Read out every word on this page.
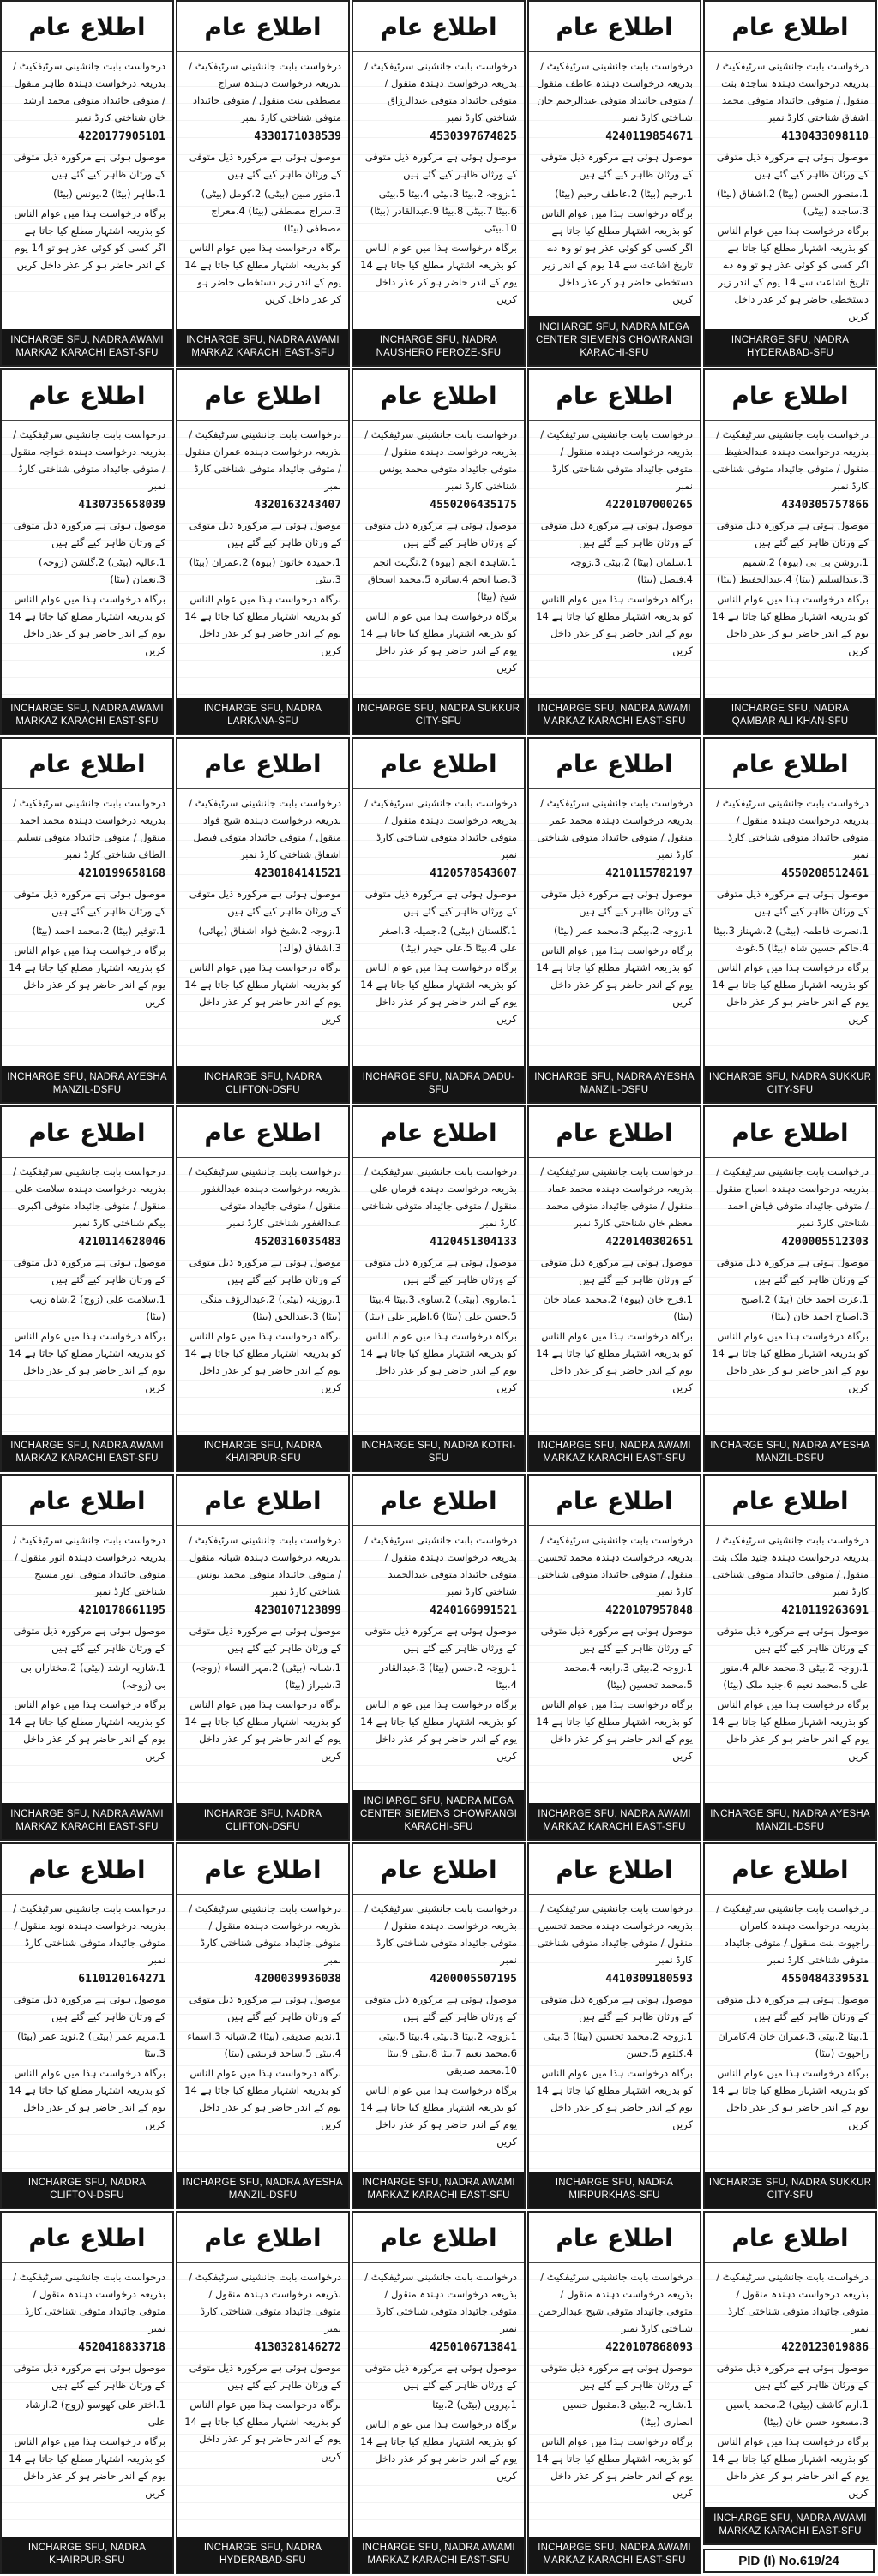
اطلاع عام

درخواست بابت جانشینی سرٹیفکیٹ / بذریعہ درخواست دہندہ ساجدہ بنت منقول / متوفی جائیداد متوفی محمد اشفاق شناختی کارڈ نمبر

4130433098110

موصول ہوئی ہے مرکورہ ذیل متوفی کے ورثان ظاہر کیے گئے ہیں

1.منصور الحسن (بیٹا) 2.اشفاق (بیٹا) 3.ساجدہ (بیٹی)

برگاہ درخواست ہذا میں عوام الناس کو بذریعہ اشتہار مطلع کیا جاتا ہے اگر کسی کو کوئی عذر ہو تو وہ دے تاریخ اشاعت سے 14 یوم کے اندر زیر دستخطی حاضر ہو کر عذر داخل کریں

INCHARGE SFU, NADRA HYDERABAD-SFU
اطلاع عام

درخواست بابت جانشینی سرٹیفکیٹ / بذریعہ درخواست دہندہ عاطف منقول / متوفی جائیداد متوفی عبدالرحیم خان شناختی کارڈ نمبر

4240119854671

موصول ہوئی ہے مرکورہ ذیل متوفی کے ورثان ظاہر کیے گئے ہیں

1.رحیم (بیٹا) 2.عاطف رحیم (بیٹا)

برگاہ درخواست ہذا میں عوام الناس کو بذریعہ اشتہار مطلع کیا جاتا ہے اگر کسی کو کوئی عذر ہو تو وہ دے تاریخ اشاعت سے 14 یوم کے اندر زیر دستخطی حاضر ہو کر عذر داخل کریں

INCHARGE SFU, NADRA MEGA CENTER SIEMENS CHOWRANGI KARACHI-SFU
اطلاع عام

درخواست بابت جانشینی سرٹیفکیٹ / بذریعہ درخواست دہندہ منقول / متوفی جائیداد متوفی عبدالرزاق شناختی کارڈ نمبر

4530397674825

موصول ہوئی ہے مرکورہ ذیل متوفی کے ورثان ظاہر کیے گئے ہیں

1.زوجہ 2.بیٹا 3.بیٹی 4.بیٹا 5.بیٹی 6.بیٹا 7.بیٹی 8.بیٹا 9.عبدالقادر (بیٹا) 10.بیٹی

برگاہ درخواست ہذا میں عوام الناس کو بذریعہ اشتہار مطلع کیا جاتا ہے 14 یوم کے اندر حاضر ہو کر عذر داخل کریں

INCHARGE SFU, NADRA NAUSHERO FEROZE-SFU
اطلاع عام

درخواست بابت جانشینی سرٹیفکیٹ / بذریعہ درخواست دہندہ سراج مصطفی بنت منقول / متوفی جائیداد متوفی شناختی کارڈ نمبر

4330171038539

موصول ہوئی ہے مرکورہ ذیل متوفی کے ورثان ظاہر کیے گئے ہیں

1.منور مبین (بیٹی) 2.کومل (بیٹی) 3.سراج مصطفی (بیٹا) 4.معراج مصطفی (بیٹا)

برگاہ درخواست ہذا میں عوام الناس کو بذریعہ اشتہار مطلع کیا جاتا ہے 14 یوم کے اندر زیر دستخطی حاضر ہو کر عذر داخل کریں

INCHARGE SFU, NADRA AWAMI MARKAZ KARACHI EAST-SFU
اطلاع عام

درخواست بابت جانشینی سرٹیفکیٹ / بذریعہ درخواست دہندہ طاہر منقول / متوفی جائیداد متوفی محمد ارشد خان شناختی کارڈ نمبر

4220177905101

موصول ہوئی ہے مرکورہ ذیل متوفی کے ورثان ظاہر کیے گئے ہیں

1.طاہر (بیٹا) 2.یونس (بیٹا)

برگاہ درخواست ہذا میں عوام الناس کو بذریعہ اشتہار مطلع کیا جاتا ہے اگر کسی کو کوئی عذر ہو تو 14 یوم کے اندر حاضر ہو کر عذر داخل کریں

INCHARGE SFU, NADRA AWAMI MARKAZ KARACHI EAST-SFU
اطلاع عام

درخواست بابت جانشینی سرٹیفکیٹ / بذریعہ درخواست دہندہ عبدالحفیظ منقول / متوفی جائیداد متوفی شناختی کارڈ نمبر

4340305757866

موصول ہوئی ہے مرکورہ ذیل متوفی کے ورثان ظاہر کیے گئے ہیں

1.روشن بی بی (بیوہ) 2.شمیم 3.عبدالسلیم (بیٹا) 4.عبدالحفیظ (بیٹا)

برگاہ درخواست ہذا میں عوام الناس کو بذریعہ اشتہار مطلع کیا جاتا ہے 14 یوم کے اندر حاضر ہو کر عذر داخل کریں

INCHARGE SFU, NADRA QAMBAR ALI KHAN-SFU
اطلاع عام

درخواست بابت جانشینی سرٹیفکیٹ / بذریعہ درخواست دہندہ منقول / متوفی جائیداد متوفی شناختی کارڈ نمبر

4220107000265

موصول ہوئی ہے مرکورہ ذیل متوفی کے ورثان ظاہر کیے گئے ہیں

1.سلمان (بیٹا) 2.بیٹی 3.زوجہ 4.فیصل (بیٹا)

برگاہ درخواست ہذا میں عوام الناس کو بذریعہ اشتہار مطلع کیا جاتا ہے 14 یوم کے اندر حاضر ہو کر عذر داخل کریں

INCHARGE SFU, NADRA AWAMI MARKAZ KARACHI EAST-SFU
اطلاع عام

درخواست بابت جانشینی سرٹیفکیٹ / بذریعہ درخواست دہندہ منقول / متوفی جائیداد متوفی محمد یونس شناختی کارڈ نمبر

4550206435175

موصول ہوئی ہے مرکورہ ذیل متوفی کے ورثان ظاہر کیے گئے ہیں

1.شاہدہ انجم (بیوہ) 2.نگہت انجم 3.صبا انجم 4.سائرہ 5.محمد اسحاق شیخ (بیٹا)

برگاہ درخواست ہذا میں عوام الناس کو بذریعہ اشتہار مطلع کیا جاتا ہے 14 یوم کے اندر حاضر ہو کر عذر داخل کریں

INCHARGE SFU, NADRA SUKKUR CITY-SFU
اطلاع عام

درخواست بابت جانشینی سرٹیفکیٹ / بذریعہ درخواست دہندہ عمران منقول / متوفی جائیداد متوفی شناختی کارڈ نمبر

4320163243407

موصول ہوئی ہے مرکورہ ذیل متوفی کے ورثان ظاہر کیے گئے ہیں

1.حمیدہ خاتون (بیوہ) 2.عمران (بیٹا) 3.بیٹی

برگاہ درخواست ہذا میں عوام الناس کو بذریعہ اشتہار مطلع کیا جاتا ہے 14 یوم کے اندر حاضر ہو کر عذر داخل کریں

INCHARGE SFU, NADRA LARKANA-SFU
اطلاع عام

درخواست بابت جانشینی سرٹیفکیٹ / بذریعہ درخواست دہندہ خواجہ منقول / متوفی جائیداد متوفی شناختی کارڈ نمبر

4130735658039

موصول ہوئی ہے مرکورہ ذیل متوفی کے ورثان ظاہر کیے گئے ہیں

1.عالیہ (بیٹی) 2.گلشن (زوجہ) 3.نعمان (بیٹا)

برگاہ درخواست ہذا میں عوام الناس کو بذریعہ اشتہار مطلع کیا جاتا ہے 14 یوم کے اندر حاضر ہو کر عذر داخل کریں

INCHARGE SFU, NADRA AWAMI MARKAZ KARACHI EAST-SFU
اطلاع عام

درخواست بابت جانشینی سرٹیفکیٹ / بذریعہ درخواست دہندہ منقول / متوفی جائیداد متوفی شناختی کارڈ نمبر

4550208512461

موصول ہوئی ہے مرکورہ ذیل متوفی کے ورثان ظاہر کیے گئے ہیں

1.نصرت فاطمہ (بیٹی) 2.شہناز 3.بیٹا 4.حاکم حسین شاہ (بیٹا) 5.غوث

برگاہ درخواست ہذا میں عوام الناس کو بذریعہ اشتہار مطلع کیا جاتا ہے 14 یوم کے اندر حاضر ہو کر عذر داخل کریں

INCHARGE SFU, NADRA SUKKUR CITY-SFU
اطلاع عام

درخواست بابت جانشینی سرٹیفکیٹ / بذریعہ درخواست دہندہ محمد عمر منقول / متوفی جائیداد متوفی شناختی کارڈ نمبر

4210115782197

موصول ہوئی ہے مرکورہ ذیل متوفی کے ورثان ظاہر کیے گئے ہیں

1.زوجہ 2.بیگم 3.محمد عمر (بیٹا)

برگاہ درخواست ہذا میں عوام الناس کو بذریعہ اشتہار مطلع کیا جاتا ہے 14 یوم کے اندر حاضر ہو کر عذر داخل کریں

INCHARGE SFU, NADRA AYESHA MANZIL-DSFU
اطلاع عام

درخواست بابت جانشینی سرٹیفکیٹ / بذریعہ درخواست دہندہ منقول / متوفی جائیداد متوفی شناختی کارڈ نمبر

4120578543607

موصول ہوئی ہے مرکورہ ذیل متوفی کے ورثان ظاہر کیے گئے ہیں

1.گلستان (بیٹی) 2.جمیلہ 3.اصغر علی 4.بیٹا 5.علی حیدر (بیٹا)

برگاہ درخواست ہذا میں عوام الناس کو بذریعہ اشتہار مطلع کیا جاتا ہے 14 یوم کے اندر حاضر ہو کر عذر داخل کریں

INCHARGE SFU, NADRA DADU-SFU
اطلاع عام

درخواست بابت جانشینی سرٹیفکیٹ / بذریعہ درخواست دہندہ شیخ فواد منقول / متوفی جائیداد متوفی فیصل اشفاق شناختی کارڈ نمبر

4230184141521

موصول ہوئی ہے مرکورہ ذیل متوفی کے ورثان ظاہر کیے گئے ہیں

1.زوجہ 2.شیخ فواد اشفاق (بھائی) 3.اشفاق (والد)

برگاہ درخواست ہذا میں عوام الناس کو بذریعہ اشتہار مطلع کیا جاتا ہے 14 یوم کے اندر حاضر ہو کر عذر داخل کریں

INCHARGE SFU, NADRA CLIFTON-DSFU
اطلاع عام

درخواست بابت جانشینی سرٹیفکیٹ / بذریعہ درخواست دہندہ محمد احمد منقول / متوفی جائیداد متوفی تسلیم الطاف شناختی کارڈ نمبر

4210199658168

موصول ہوئی ہے مرکورہ ذیل متوفی کے ورثان ظاہر کیے گئے ہیں

1.توقیر (بیٹا) 2.محمد احمد (بیٹا)

برگاہ درخواست ہذا میں عوام الناس کو بذریعہ اشتہار مطلع کیا جاتا ہے 14 یوم کے اندر حاضر ہو کر عذر داخل کریں

INCHARGE SFU, NADRA AYESHA MANZIL-DSFU
اطلاع عام

درخواست بابت جانشینی سرٹیفکیٹ / بذریعہ درخواست دہندہ اصباح منقول / متوفی جائیداد متوفی فیاض احمد شناختی کارڈ نمبر

4200005512303

موصول ہوئی ہے مرکورہ ذیل متوفی کے ورثان ظاہر کیے گئے ہیں

1.عزت احمد خان (بیٹا) 2.اصبح 3.اصباح احمد خان (بیٹا)

برگاہ درخواست ہذا میں عوام الناس کو بذریعہ اشتہار مطلع کیا جاتا ہے 14 یوم کے اندر حاضر ہو کر عذر داخل کریں

INCHARGE SFU, NADRA AYESHA MANZIL-DSFU
اطلاع عام

درخواست بابت جانشینی سرٹیفکیٹ / بذریعہ درخواست دہندہ محمد عماد منقول / متوفی جائیداد متوفی محمد معظم خان شناختی کارڈ نمبر

4220140302651

موصول ہوئی ہے مرکورہ ذیل متوفی کے ورثان ظاہر کیے گئے ہیں

1.فرح خان (بیوہ) 2.محمد عماد خان (بیٹا)

برگاہ درخواست ہذا میں عوام الناس کو بذریعہ اشتہار مطلع کیا جاتا ہے 14 یوم کے اندر حاضر ہو کر عذر داخل کریں

INCHARGE SFU, NADRA AWAMI MARKAZ KARACHI EAST-SFU
اطلاع عام

درخواست بابت جانشینی سرٹیفکیٹ / بذریعہ درخواست دہندہ فرمان علی منقول / متوفی جائیداد متوفی شناختی کارڈ نمبر

4120451304133

موصول ہوئی ہے مرکورہ ذیل متوفی کے ورثان ظاہر کیے گئے ہیں

1.ماروی (بیٹی) 2.ساوی 3.بیٹا 4.بیٹا 5.حسن علی (بیٹا) 6.اظہر علی (بیٹا)

برگاہ درخواست ہذا میں عوام الناس کو بذریعہ اشتہار مطلع کیا جاتا ہے 14 یوم کے اندر حاضر ہو کر عذر داخل کریں

INCHARGE SFU, NADRA KOTRI-SFU
اطلاع عام

درخواست بابت جانشینی سرٹیفکیٹ / بذریعہ درخواست دہندہ عبدالغفور منقول / متوفی جائیداد متوفی عبدالغفور شناختی کارڈ نمبر

4520316035483

موصول ہوئی ہے مرکورہ ذیل متوفی کے ورثان ظاہر کیے گئے ہیں

1.روزینہ (بیٹی) 2.عبدالرؤف منگی (بیٹا) 3.عبدالحق (بیٹا)

برگاہ درخواست ہذا میں عوام الناس کو بذریعہ اشتہار مطلع کیا جاتا ہے 14 یوم کے اندر حاضر ہو کر عذر داخل کریں

INCHARGE SFU, NADRA KHAIRPUR-SFU
اطلاع عام

درخواست بابت جانشینی سرٹیفکیٹ / بذریعہ درخواست دہندہ سلامت علی منقول / متوفی جائیداد متوفی اکبری بیگم شناختی کارڈ نمبر

4210114628046

موصول ہوئی ہے مرکورہ ذیل متوفی کے ورثان ظاہر کیے گئے ہیں

1.سلامت علی (زوج) 2.شاہ زیب (بیٹا)

برگاہ درخواست ہذا میں عوام الناس کو بذریعہ اشتہار مطلع کیا جاتا ہے 14 یوم کے اندر حاضر ہو کر عذر داخل کریں

INCHARGE SFU, NADRA AWAMI MARKAZ KARACHI EAST-SFU
اطلاع عام

درخواست بابت جانشینی سرٹیفکیٹ / بذریعہ درخواست دہندہ جنید ملک بنت منقول / متوفی جائیداد متوفی شناختی کارڈ نمبر

4210119263691

موصول ہوئی ہے مرکورہ ذیل متوفی کے ورثان ظاہر کیے گئے ہیں

1.زوجہ 2.بیٹی 3.محمد عالم 4.منور علی 5.محمد نعیم 6.جنید ملک (بیٹا)

برگاہ درخواست ہذا میں عوام الناس کو بذریعہ اشتہار مطلع کیا جاتا ہے 14 یوم کے اندر حاضر ہو کر عذر داخل کریں

INCHARGE SFU, NADRA AYESHA MANZIL-DSFU
اطلاع عام

درخواست بابت جانشینی سرٹیفکیٹ / بذریعہ درخواست دہندہ محمد تحسین منقول / متوفی جائیداد متوفی شناختی کارڈ نمبر

4220107957848

موصول ہوئی ہے مرکورہ ذیل متوفی کے ورثان ظاہر کیے گئے ہیں

1.زوجہ 2.بیٹی 3.رابعہ 4.محمد 5.محمد تحسین (بیٹا)

برگاہ درخواست ہذا میں عوام الناس کو بذریعہ اشتہار مطلع کیا جاتا ہے 14 یوم کے اندر حاضر ہو کر عذر داخل کریں

INCHARGE SFU, NADRA AWAMI MARKAZ KARACHI EAST-SFU
اطلاع عام

درخواست بابت جانشینی سرٹیفکیٹ / بذریعہ درخواست دہندہ منقول / متوفی جائیداد متوفی عبدالحمید شناختی کارڈ نمبر

4240166991521

موصول ہوئی ہے مرکورہ ذیل متوفی کے ورثان ظاہر کیے گئے ہیں

1.زوجہ 2.حسن (بیٹا) 3.عبدالقادر 4.بیٹا

برگاہ درخواست ہذا میں عوام الناس کو بذریعہ اشتہار مطلع کیا جاتا ہے 14 یوم کے اندر حاضر ہو کر عذر داخل کریں

INCHARGE SFU, NADRA MEGA CENTER SIEMENS CHOWRANGI KARACHI-SFU
اطلاع عام

درخواست بابت جانشینی سرٹیفکیٹ / بذریعہ درخواست دہندہ شبانہ منقول / متوفی جائیداد متوفی محمد یونس شناختی کارڈ نمبر

4230107123899

موصول ہوئی ہے مرکورہ ذیل متوفی کے ورثان ظاہر کیے گئے ہیں

1.شبانہ (بیٹی) 2.مہر النساء (زوجہ) 3.شیراز (بیٹا)

برگاہ درخواست ہذا میں عوام الناس کو بذریعہ اشتہار مطلع کیا جاتا ہے 14 یوم کے اندر حاضر ہو کر عذر داخل کریں

INCHARGE SFU, NADRA CLIFTON-DSFU
اطلاع عام

درخواست بابت جانشینی سرٹیفکیٹ / بذریعہ درخواست دہندہ انور منقول / متوفی جائیداد متوفی انور مسیح شناختی کارڈ نمبر

4210178661195

موصول ہوئی ہے مرکورہ ذیل متوفی کے ورثان ظاہر کیے گئے ہیں

1.شازیہ ارشد (بیٹی) 2.مختاراں بی بی (زوجہ)

برگاہ درخواست ہذا میں عوام الناس کو بذریعہ اشتہار مطلع کیا جاتا ہے 14 یوم کے اندر حاضر ہو کر عذر داخل کریں

INCHARGE SFU, NADRA AWAMI MARKAZ KARACHI EAST-SFU
اطلاع عام

درخواست بابت جانشینی سرٹیفکیٹ / بذریعہ درخواست دہندہ کامران راجپوت بنت منقول / متوفی جائیداد متوفی شناختی کارڈ نمبر

4550484339531

موصول ہوئی ہے مرکورہ ذیل متوفی کے ورثان ظاہر کیے گئے ہیں

1.بیٹا 2.بیٹی 3.عمران خان 4.کامران راجپوت (بیٹا)

برگاہ درخواست ہذا میں عوام الناس کو بذریعہ اشتہار مطلع کیا جاتا ہے 14 یوم کے اندر حاضر ہو کر عذر داخل کریں

INCHARGE SFU, NADRA SUKKUR CITY-SFU
اطلاع عام

درخواست بابت جانشینی سرٹیفکیٹ / بذریعہ درخواست دہندہ محمد تحسین منقول / متوفی جائیداد متوفی شناختی کارڈ نمبر

4410309180593

موصول ہوئی ہے مرکورہ ذیل متوفی کے ورثان ظاہر کیے گئے ہیں

1.زوجہ 2.محمد تحسین (بیٹا) 3.بیٹی 4.کلثوم 5.حسن

برگاہ درخواست ہذا میں عوام الناس کو بذریعہ اشتہار مطلع کیا جاتا ہے 14 یوم کے اندر حاضر ہو کر عذر داخل کریں

INCHARGE SFU, NADRA MIRPURKHAS-SFU
اطلاع عام

درخواست بابت جانشینی سرٹیفکیٹ / بذریعہ درخواست دہندہ منقول / متوفی جائیداد متوفی شناختی کارڈ نمبر

4200005507195

موصول ہوئی ہے مرکورہ ذیل متوفی کے ورثان ظاہر کیے گئے ہیں

1.زوجہ 2.بیٹا 3.بیٹی 4.بیٹا 5.بیٹی 6.محمد نعیم 7.بیٹا 8.بیٹی 9.بیٹا 10.محمد صدیقی

برگاہ درخواست ہذا میں عوام الناس کو بذریعہ اشتہار مطلع کیا جاتا ہے 14 یوم کے اندر حاضر ہو کر عذر داخل کریں

INCHARGE SFU, NADRA AWAMI MARKAZ KARACHI EAST-SFU
اطلاع عام

درخواست بابت جانشینی سرٹیفکیٹ / بذریعہ درخواست دہندہ منقول / متوفی جائیداد متوفی شناختی کارڈ نمبر

4200039936038

موصول ہوئی ہے مرکورہ ذیل متوفی کے ورثان ظاہر کیے گئے ہیں

1.ندیم صدیقی (بیٹا) 2.شبانہ 3.اسماء 4.بیٹی 5.ساجد قریشی (بیٹا)

برگاہ درخواست ہذا میں عوام الناس کو بذریعہ اشتہار مطلع کیا جاتا ہے 14 یوم کے اندر حاضر ہو کر عذر داخل کریں

INCHARGE SFU, NADRA AYESHA MANZIL-DSFU
اطلاع عام

درخواست بابت جانشینی سرٹیفکیٹ / بذریعہ درخواست دہندہ نوید منقول / متوفی جائیداد متوفی شناختی کارڈ نمبر

6110120164271

موصول ہوئی ہے مرکورہ ذیل متوفی کے ورثان ظاہر کیے گئے ہیں

1.مریم عمر (بیٹی) 2.نوید عمر (بیٹا) 3.بیٹا

برگاہ درخواست ہذا میں عوام الناس کو بذریعہ اشتہار مطلع کیا جاتا ہے 14 یوم کے اندر حاضر ہو کر عذر داخل کریں

INCHARGE SFU, NADRA CLIFTON-DSFU
اطلاع عام

درخواست بابت جانشینی سرٹیفکیٹ / بذریعہ درخواست دہندہ منقول / متوفی جائیداد متوفی شناختی کارڈ نمبر

4220123019886

موصول ہوئی ہے مرکورہ ذیل متوفی کے ورثان ظاہر کیے گئے ہیں

1.ارم کاشف (بیٹی) 2.محمد یاسین 3.مسعود حسن خان (بیٹا)

برگاہ درخواست ہذا میں عوام الناس کو بذریعہ اشتہار مطلع کیا جاتا ہے 14 یوم کے اندر حاضر ہو کر عذر داخل کریں

INCHARGE SFU, NADRA AWAMI MARKAZ KARACHI EAST-SFU
اطلاع عام

درخواست بابت جانشینی سرٹیفکیٹ / بذریعہ درخواست دہندہ منقول / متوفی جائیداد متوفی شیخ عبدالرحمن شناختی کارڈ نمبر

4220107868093

موصول ہوئی ہے مرکورہ ذیل متوفی کے ورثان ظاہر کیے گئے ہیں

1.شازیہ 2.بیٹی 3.مقبول حسین انصاری (بیٹا)

برگاہ درخواست ہذا میں عوام الناس کو بذریعہ اشتہار مطلع کیا جاتا ہے 14 یوم کے اندر حاضر ہو کر عذر داخل کریں

INCHARGE SFU, NADRA AWAMI MARKAZ KARACHI EAST-SFU
اطلاع عام

درخواست بابت جانشینی سرٹیفکیٹ / بذریعہ درخواست دہندہ منقول / متوفی جائیداد متوفی شناختی کارڈ نمبر

4250106713841

موصول ہوئی ہے مرکورہ ذیل متوفی کے ورثان ظاہر کیے گئے ہیں

1.پروین (بیٹی) 2.بیٹا

برگاہ درخواست ہذا میں عوام الناس کو بذریعہ اشتہار مطلع کیا جاتا ہے 14 یوم کے اندر حاضر ہو کر عذر داخل کریں

INCHARGE SFU, NADRA AWAMI MARKAZ KARACHI EAST-SFU
اطلاع عام

درخواست بابت جانشینی سرٹیفکیٹ / بذریعہ درخواست دہندہ منقول / متوفی جائیداد متوفی شناختی کارڈ نمبر

4130328146272

موصول ہوئی ہے مرکورہ ذیل متوفی کے ورثان ظاہر کیے گئے ہیں

برگاہ درخواست ہذا میں عوام الناس کو بذریعہ اشتہار مطلع کیا جاتا ہے 14 یوم کے اندر حاضر ہو کر عذر داخل کریں

INCHARGE SFU, NADRA HYDERABAD-SFU
اطلاع عام

درخواست بابت جانشینی سرٹیفکیٹ / بذریعہ درخواست دہندہ منقول / متوفی جائیداد متوفی شناختی کارڈ نمبر

4520418833718

موصول ہوئی ہے مرکورہ ذیل متوفی کے ورثان ظاہر کیے گئے ہیں

1.اختر علی کھوسو (زوج) 2.ارشاد علی

برگاہ درخواست ہذا میں عوام الناس کو بذریعہ اشتہار مطلع کیا جاتا ہے 14 یوم کے اندر حاضر ہو کر عذر داخل کریں

INCHARGE SFU, NADRA KHAIRPUR-SFU	PID (I) No.619/24
